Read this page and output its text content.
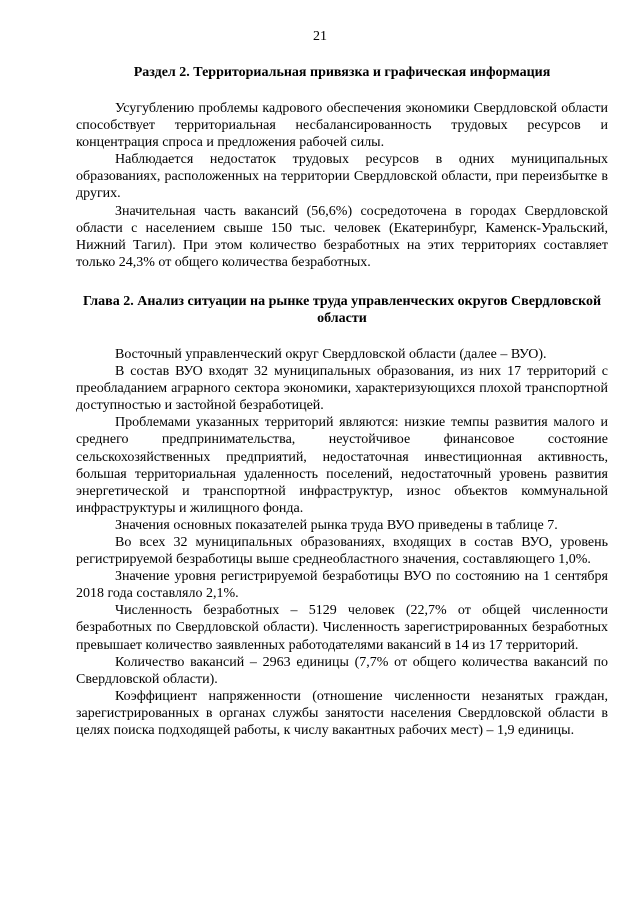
21

Раздел 2. Территориальная привязка и графическая информация

Усугублению проблемы кадрового обеспечения экономики Свердловской области способствует территориальная несбалансированность трудовых ресурсов и концентрация спроса и предложения рабочей силы.

Наблюдается недостаток трудовых ресурсов в одних муниципальных образованиях, расположенных на территории Свердловской области, при переизбытке в других.

Значительная часть вакансий (56,6%) сосредоточена в городах Свердловской области с населением свыше 150 тыс. человек (Екатеринбург, Каменск-Уральский, Нижний Тагил). При этом количество безработных на этих территориях составляет только 24,3% от общего количества безработных.

Глава 2. Анализ ситуации на рынке труда управленческих округов Свердловской области

Восточный управленческий округ Свердловской области (далее – ВУО).

В состав ВУО входят 32 муниципальных образования, из них 17 территорий с преобладанием аграрного сектора экономики, характеризующихся плохой транспортной доступностью и застойной безработицей.

Проблемами указанных территорий являются: низкие темпы развития малого и среднего предпринимательства, неустойчивое финансовое состояние сельскохозяйственных предприятий, недостаточная инвестиционная активность, большая территориальная удаленность поселений, недостаточный уровень развития энергетической и транспортной инфраструктур, износ объектов коммунальной инфраструктуры и жилищного фонда.

Значения основных показателей рынка труда ВУО приведены в таблице 7.

Во всех 32 муниципальных образованиях, входящих в состав ВУО, уровень регистрируемой безработицы выше среднеобластного значения, составляющего 1,0%.

Значение уровня регистрируемой безработицы ВУО по состоянию на 1 сентября 2018 года составляло 2,1%.

Численность безработных – 5129 человек (22,7% от общей численности безработных по Свердловской области). Численность зарегистрированных безработных превышает количество заявленных работодателями вакансий в 14 из 17 территорий.

Количество вакансий – 2963 единицы (7,7% от общего количества вакансий по Свердловской области).

Коэффициент напряженности (отношение численности незанятых граждан, зарегистрированных в органах службы занятости населения Свердловской области в целях поиска подходящей работы, к числу вакантных рабочих мест) – 1,9 единицы.
